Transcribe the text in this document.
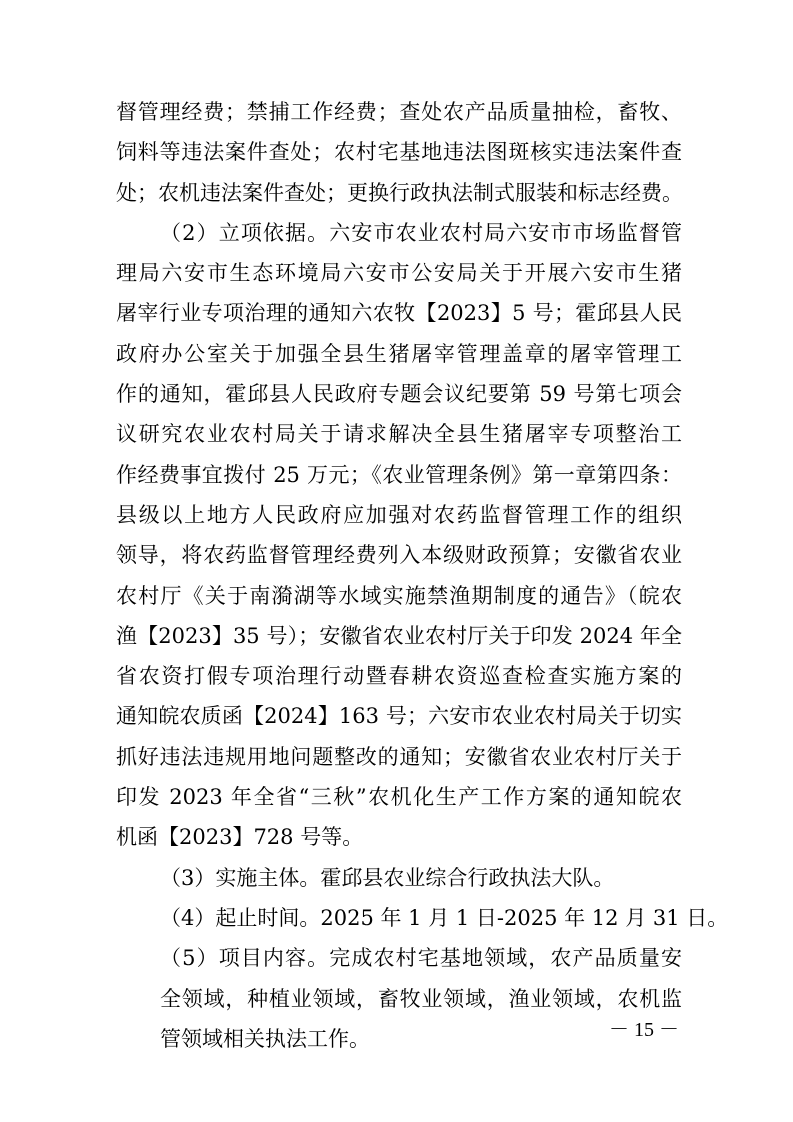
督管理经费；禁捕工作经费；查处农产品质量抽检，畜牧、
饲料等违法案件查处；农村宅基地违法图斑核实违法案件查
处；农机违法案件查处；更换行政执法制式服装和标志经费。
（2）立项依据。六安市农业农村局六安市市场监督管
理局六安市生态环境局六安市公安局关于开展六安市生猪
屠宰行业专项治理的通知六农牧【2023】5 号；霍邱县人民
政府办公室关于加强全县生猪屠宰管理盖章的屠宰管理工
作的通知，霍邱县人民政府专题会议纪要第 59 号第七项会
议研究农业农村局关于请求解决全县生猪屠宰专项整治工
作经费事宜拨付 25 万元；《农业管理条例》第一章第四条：
县级以上地方人民政府应加强对农药监督管理工作的组织
领导，将农药监督管理经费列入本级财政预算；安徽省农业
农村厅《关于南漪湖等水域实施禁渔期制度的通告》（皖农
渔【2023】35 号）；安徽省农业农村厅关于印发 2024 年全
省农资打假专项治理行动暨春耕农资巡查检查实施方案的
通知皖农质函【2024】163 号；六安市农业农村局关于切实
抓好违法违规用地问题整改的通知；安徽省农业农村厅关于
印发 2023 年全省“三秋”农机化生产工作方案的通知皖农
机函【2023】728 号等。
（3）实施主体。霍邱县农业综合行政执法大队。
（4）起止时间。2025 年 1 月 1 日-2025 年 12 月 31 日。
（5）项目内容。完成农村宅基地领域，农产品质量安
全领域，种植业领域，畜牧业领域，渔业领域，农机监
管领域相关执法工作。	－ 15 －
